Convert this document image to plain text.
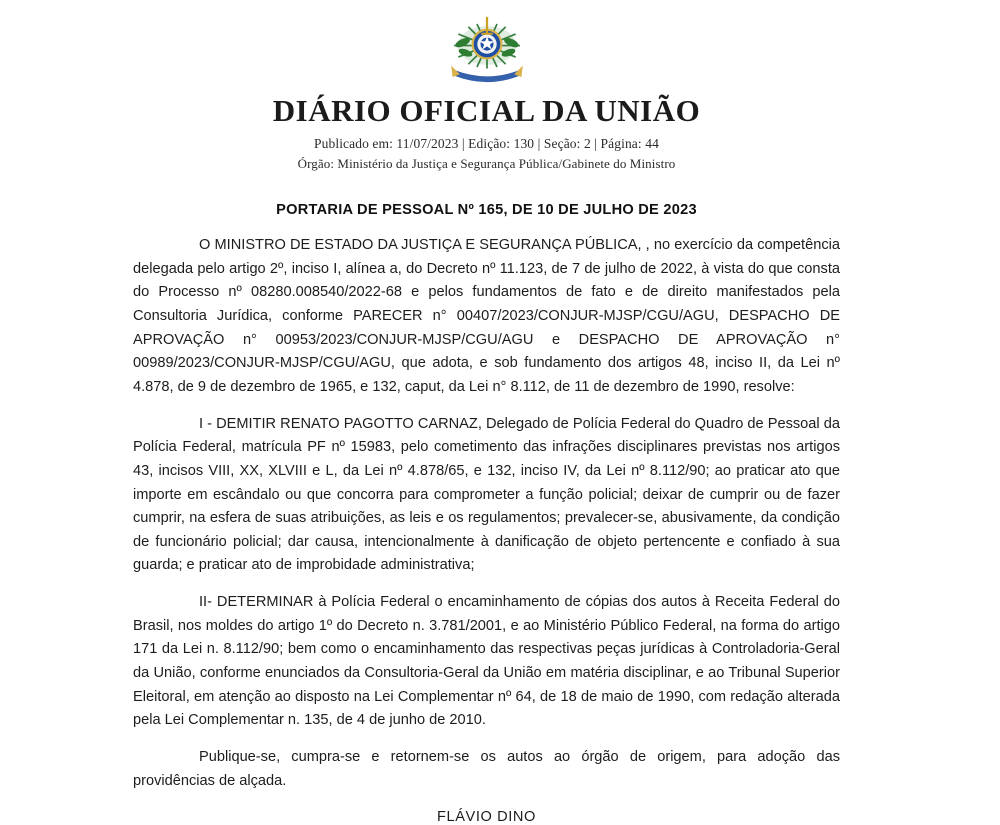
DIÁRIO OFICIAL DA UNIÃO
Publicado em: 11/07/2023 | Edição: 130 | Seção: 2 | Página: 44
Órgão: Ministério da Justiça e Segurança Pública/Gabinete do Ministro
PORTARIA DE PESSOAL Nº 165, DE 10 DE JULHO DE 2023

O MINISTRO DE ESTADO DA JUSTIÇA E SEGURANÇA PÚBLICA, , no exercício da competência delegada pelo artigo 2º, inciso I, alínea a, do Decreto nº 11.123, de 7 de julho de 2022, à vista do que consta do Processo nº 08280.008540/2022-68 e pelos fundamentos de fato e de direito manifestados pela Consultoria Jurídica, conforme PARECER n° 00407/2023/CONJUR-MJSP/CGU/AGU, DESPACHO DE APROVAÇÃO n° 00953/2023/CONJUR-MJSP/CGU/AGU e DESPACHO DE APROVAÇÃO n° 00989/2023/CONJUR-MJSP/CGU/AGU, que adota, e sob fundamento dos artigos 48, inciso II, da Lei nº 4.878, de 9 de dezembro de 1965, e 132, caput, da Lei n° 8.112, de 11 de dezembro de 1990, resolve:

I - DEMITIR RENATO PAGOTTO CARNAZ, Delegado de Polícia Federal do Quadro de Pessoal da Polícia Federal, matrícula PF nº 15983, pelo cometimento das infrações disciplinares previstas nos artigos 43, incisos VIII, XX, XLVIII e L, da Lei nº 4.878/65, e 132, inciso IV, da Lei nº 8.112/90; ao praticar ato que importe em escândalo ou que concorra para comprometer a função policial; deixar de cumprir ou de fazer cumprir, na esfera de suas atribuições, as leis e os regulamentos; prevalecer-se, abusivamente, da condição de funcionário policial; dar causa, intencionalmente à danificação de objeto pertencente e confiado à sua guarda; e praticar ato de improbidade administrativa;

II- DETERMINAR à Polícia Federal o encaminhamento de cópias dos autos à Receita Federal do Brasil, nos moldes do artigo 1º do Decreto n. 3.781/2001, e ao Ministério Público Federal, na forma do artigo 171 da Lei n. 8.112/90; bem como o encaminhamento das respectivas peças jurídicas à Controladoria-Geral da União, conforme enunciados da Consultoria-Geral da União em matéria disciplinar, e ao Tribunal Superior Eleitoral, em atenção ao disposto na Lei Complementar nº 64, de 18 de maio de 1990, com redação alterada pela Lei Complementar n. 135, de 4 de junho de 2010.

Publique-se, cumpra-se e retornem-se os autos ao órgão de origem, para adoção das providências de alçada.

FLÁVIO DINO
